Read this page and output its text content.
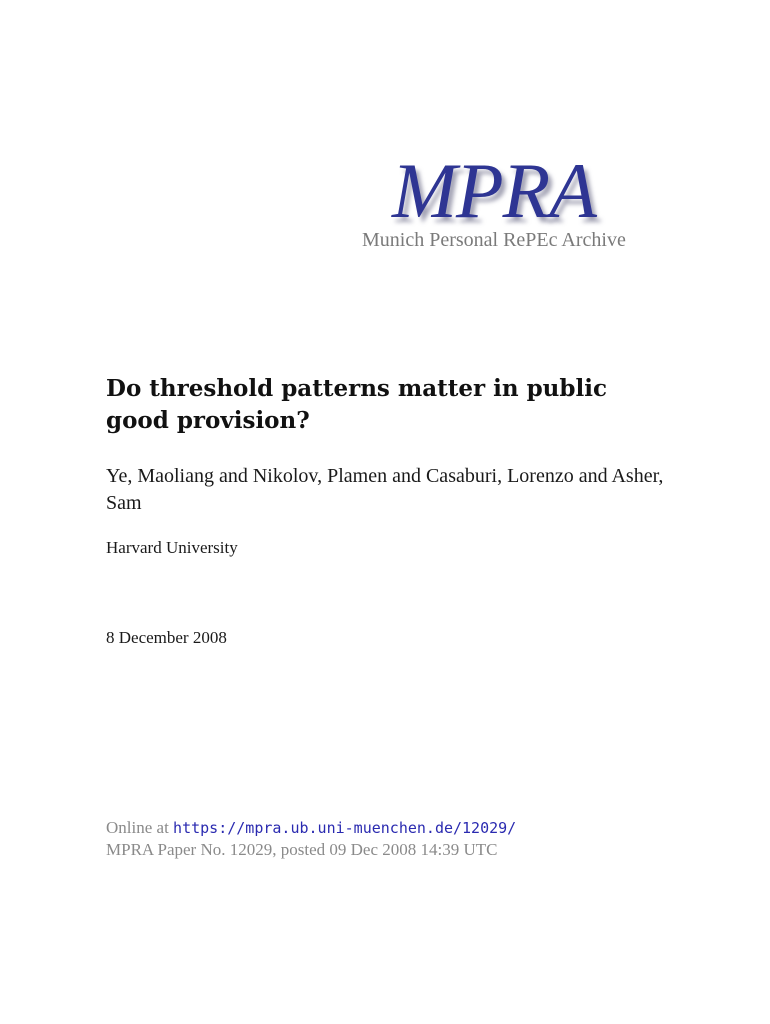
MPRA
Munich Personal RePEc Archive
Do threshold patterns matter in public good provision?
Ye, Maoliang and Nikolov, Plamen and Casaburi, Lorenzo and Asher, Sam
Harvard University
8 December 2008
Online at https://mpra.ub.uni-muenchen.de/12029/
MPRA Paper No. 12029, posted 09 Dec 2008 14:39 UTC
